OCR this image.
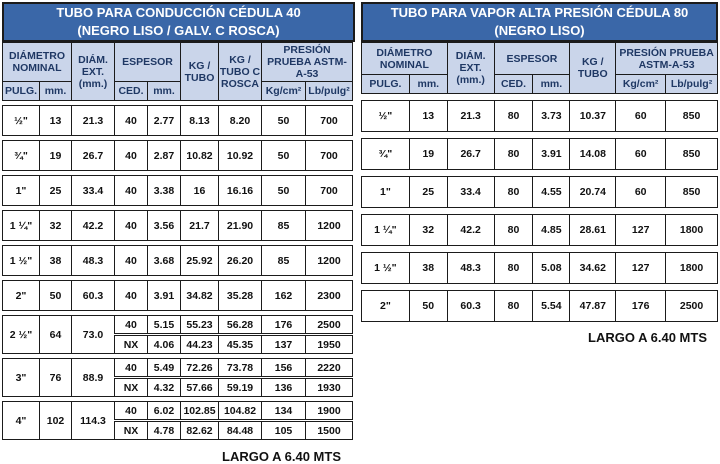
TUBO PARA CONDUCCIÓN CÉDULA 40
(NEGRO LISO / GALV. C ROSCA)
DIÁMETRO NOMINAL		DIÁM. EXT. (mm.)	ESPESOR		KG / TUBO	KG / TUBO C ROSCA	PRESIÓN PRUEBA ASTM-A-53	
PULG.	mm.		CED.	mm.			Kg/cm²	Lb/pulg²
½"	13	21.3	40	2.77	8.13	8.20	50	700
¾"	19	26.7	40	2.87	10.82	10.92	50	700
1"	25	33.4	40	3.38	16	16.16	50	700
1 ¼"	32	42.2	40	3.56	21.7	21.90	85	1200
1 ½"	38	48.3	40	3.68	25.92	26.20	85	1200
2"	50	60.3	40	3.91	34.82	35.28	162	2300
2 ½"	64	73.0	40	5.15	55.23	56.28	176	2500
			NX	4.06	44.23	45.35	137	1950
3"	76	88.9	40	5.49	72.26	73.78	156	2220
			NX	4.32	57.66	59.19	136	1930
4"	102	114.3	40	6.02	102.85	104.82	134	1900
			NX	4.78	82.62	84.48	105	1500
LARGO A 6.40 MTS
TUBO PARA VAPOR ALTA PRESIÓN CÉDULA 80
(NEGRO LISO)
DIÁMETRO NOMINAL		DIÁM. EXT. (mm.)	ESPESOR		KG / TUBO	PRESIÓN PRUEBA ASTM-A-53	
PULG.	mm.		CED.	mm.		Kg/cm²	Lb/pulg²
½"	13	21.3	80	3.73	10.37	60	850
¾"	19	26.7	80	3.91	14.08	60	850
1"	25	33.4	80	4.55	20.74	60	850
1 ¼"	32	42.2	80	4.85	28.61	127	1800
1 ½"	38	48.3	80	5.08	34.62	127	1800
2"	50	60.3	80	5.54	47.87	176	2500
LARGO A 6.40 MTS
